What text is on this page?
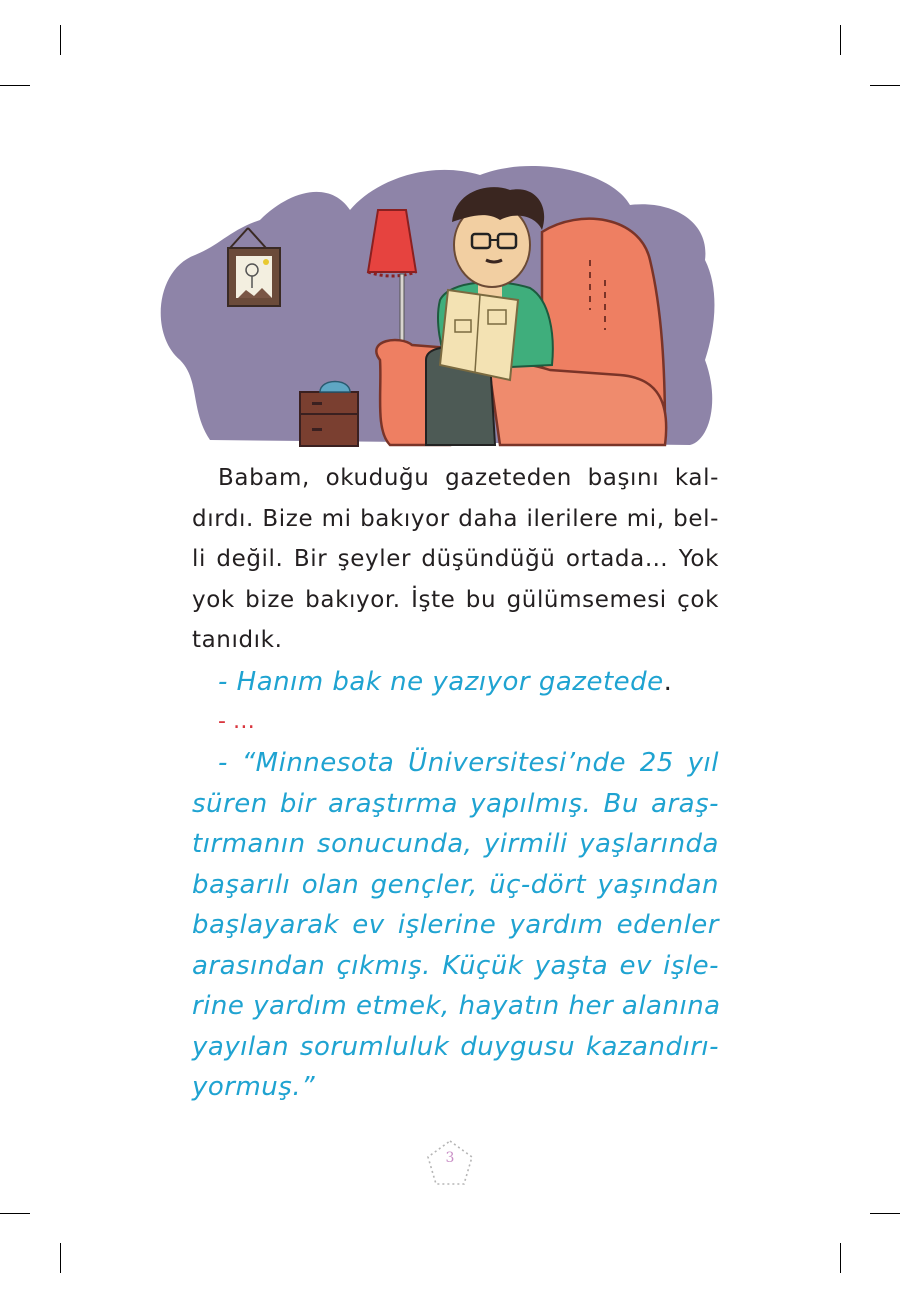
Babam, okuduğu gazeteden başını kal-
dırdı. Bize mi bakıyor daha ilerilere mi, bel-
li değil. Bir şeyler düşündüğü ortada… Yok
yok bize bakıyor. İşte bu gülümsemesi çok
tanıdık.
- Hanım bak ne yazıyor gazetede.
- …
- “Minnesota Üniversitesi’nde 25 yıl
süren bir araştırma yapılmış. Bu araş-
tırmanın sonucunda, yirmili yaşlarında
başarılı olan gençler, üç-dört yaşından
başlayarak ev işlerine yardım edenler
arasından çıkmış. Küçük yaşta ev işle-
rine yardım etmek, hayatın her alanına
yayılan sorumluluk duygusu kazandırı-
yormuş.”
3
